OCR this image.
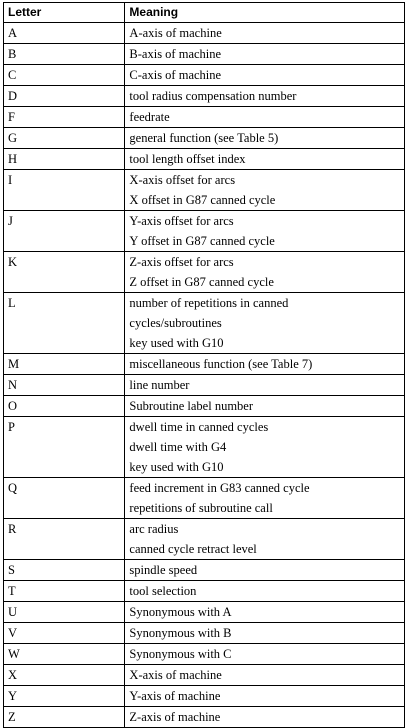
Letter	Meaning
A	A-axis of machine

B	B-axis of machine

C	C-axis of machine

D	tool radius compensation number

F	feedrate

G	general function (see Table 5)

H	tool length offset index

I	X-axis offset for arcs
X offset in G87 canned cycle

J	Y-axis offset for arcs
Y offset in G87 canned cycle

K	Z-axis offset for arcs
Z offset in G87 canned cycle

L	number of repetitions in canned
cycles/subroutines
key used with G10

M	miscellaneous function (see Table 7)

N	line number

O	Subroutine label number

P	dwell time in canned cycles
dwell time with G4
key used with G10

Q	feed increment in G83 canned cycle
repetitions of subroutine call

R	arc radius
canned cycle retract level

S	spindle speed

T	tool selection

U	Synonymous with A

V	Synonymous with B

W	Synonymous with C

X	X-axis of machine

Y	Y-axis of machine

Z	Z-axis of machine
